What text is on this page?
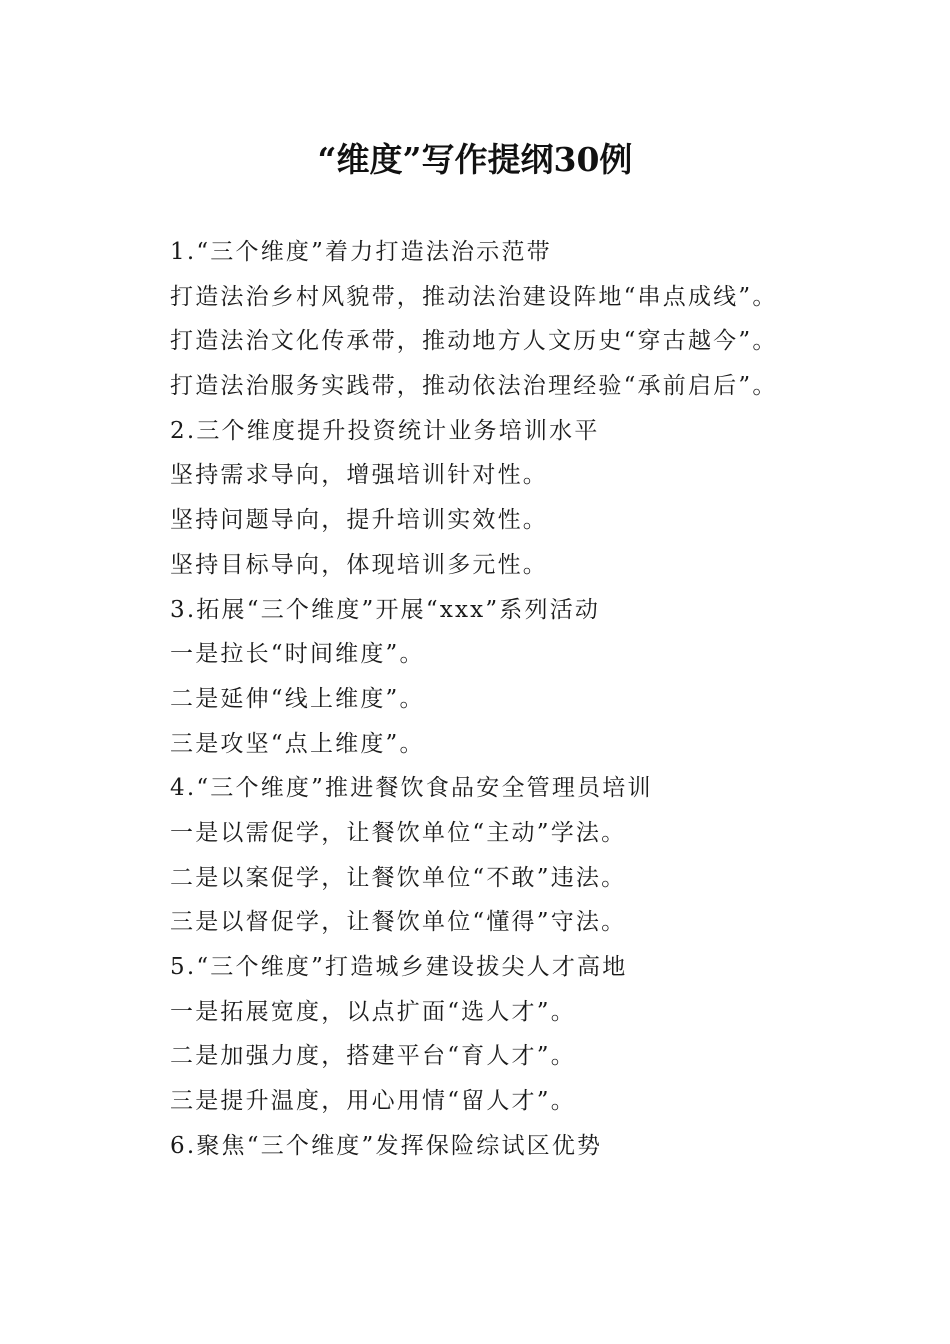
“维度”写作提纲30例
1.“三个维度”着力打造法治示范带
打造法治乡村风貌带，推动法治建设阵地“串点成线”。
打造法治文化传承带，推动地方人文历史“穿古越今”。
打造法治服务实践带，推动依法治理经验“承前启后”。
2.三个维度提升投资统计业务培训水平
坚持需求导向，增强培训针对性。
坚持问题导向，提升培训实效性。
坚持目标导向，体现培训多元性。
3.拓展“三个维度”开展“xxx”系列活动
一是拉长“时间维度”。
二是延伸“线上维度”。
三是攻坚“点上维度”。
4.“三个维度”推进餐饮食品安全管理员培训
一是以需促学，让餐饮单位“主动”学法。
二是以案促学，让餐饮单位“不敢”违法。
三是以督促学，让餐饮单位“懂得”守法。
5.“三个维度”打造城乡建设拔尖人才高地
一是拓展宽度，以点扩面“选人才”。
二是加强力度，搭建平台“育人才”。
三是提升温度，用心用情“留人才”。
6.聚焦“三个维度”发挥保险综试区优势
